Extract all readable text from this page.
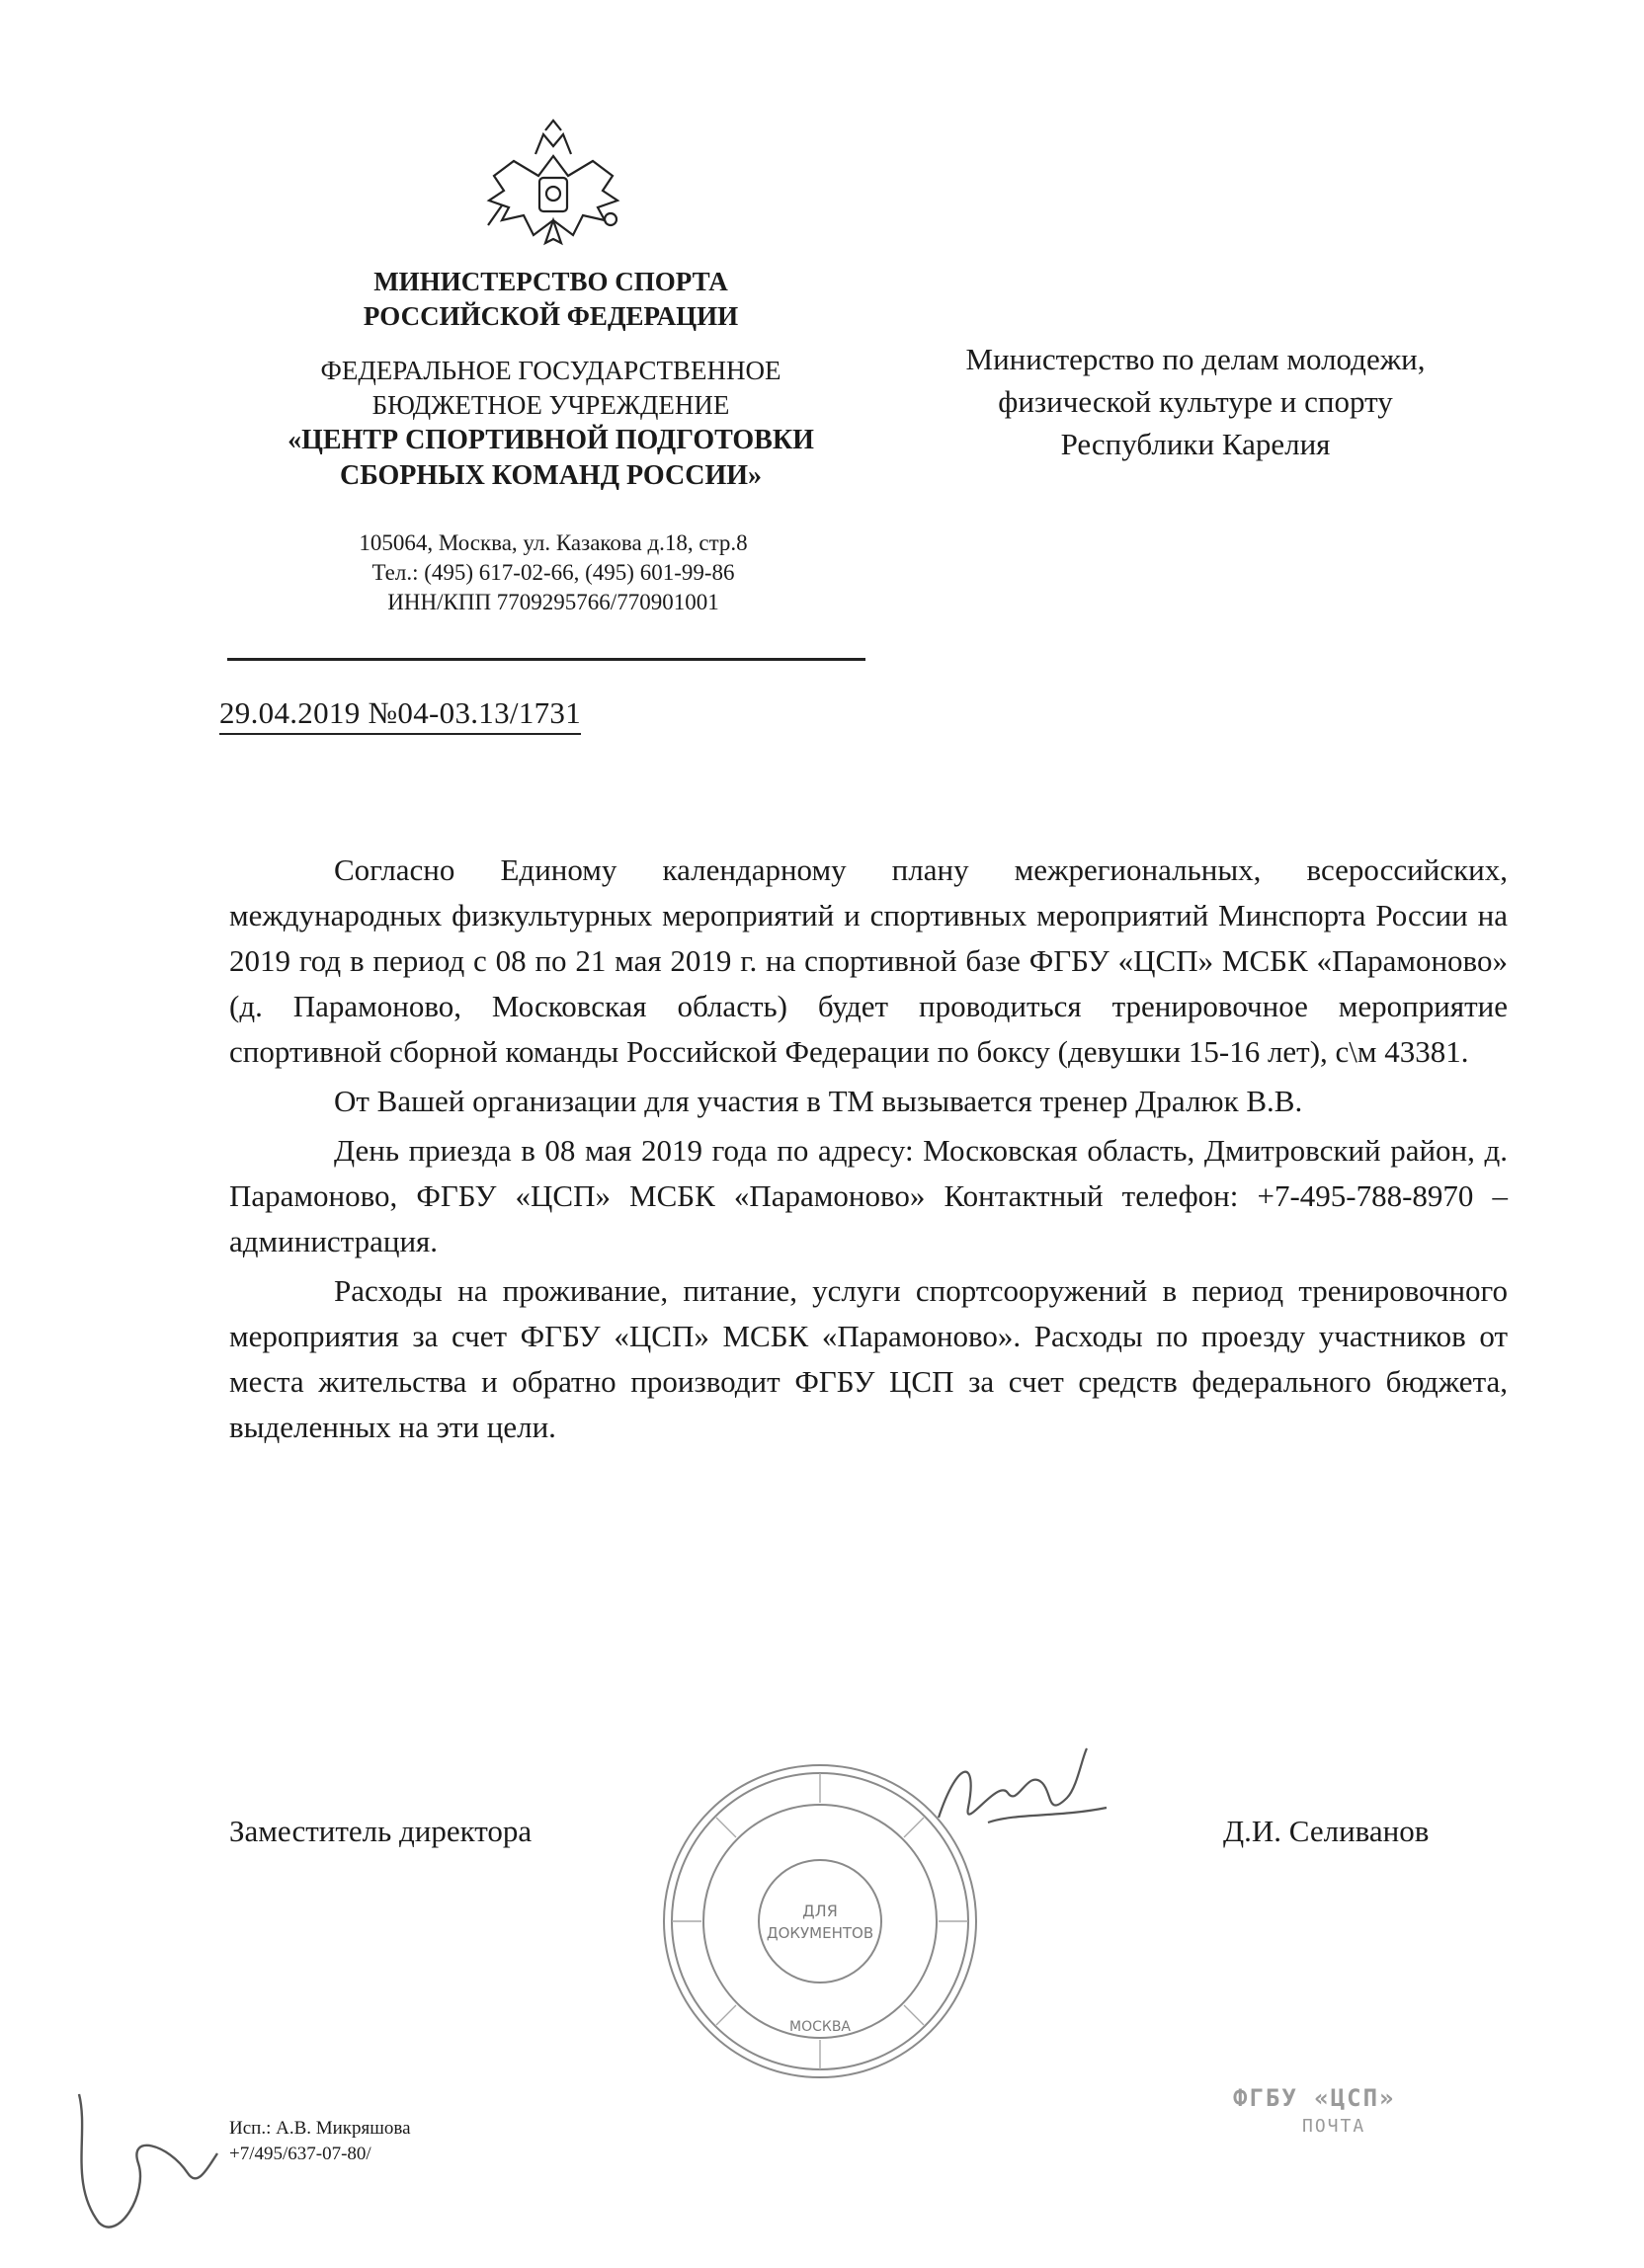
МИНИСТЕРСТВО СПОРТА
РОССИЙСКОЙ ФЕДЕРАЦИИ
ФЕДЕРАЛЬНОЕ ГОСУДАРСТВЕННОЕ
БЮДЖЕТНОЕ УЧРЕЖДЕНИЕ
«ЦЕНТР СПОРТИВНОЙ ПОДГОТОВКИ
СБОРНЫХ КОМАНД РОССИИ»
105064, Москва, ул. Казакова д.18, стр.8
Тел.: (495) 617-02-66, (495) 601-99-86
ИНН/КПП 7709295766/770901001
29.04.2019 №04-03.13/1731
Министерство по делам молодежи,
физической культуре и спорту
Республики Карелия

Согласно Единому календарному плану межрегиональных, всероссийских, международных физкультурных мероприятий и спортивных мероприятий Минспорта России на 2019 год в период с 08 по 21 мая 2019 г. на спортивной базе ФГБУ «ЦСП» МСБК «Парамоново» (д. Парамоново, Московская область) будет проводиться тренировочное мероприятие спортивной сборной команды Российской Федерации по боксу (девушки 15-16 лет), с\м 43381.

От Вашей организации для участия в ТМ вызывается тренер Дралюк В.В.

День приезда в 08 мая 2019 года по адресу: Московская область, Дмитровский район, д. Парамоново, ФГБУ «ЦСП» МСБК «Парамоново» Контактный телефон: +7-495-788-8970 – администрация.

Расходы на проживание, питание, услуги спортсооружений в период тренировочного мероприятия за счет ФГБУ «ЦСП» МСБК «Парамоново». Расходы по проезду участников от места жительства и обратно производит ФГБУ ЦСП за счет средств федерального бюджета, выделенных на эти цели.

Заместитель директора	Д.И. Селиванов
ДЛЯ
ДОКУМЕНТОВ
МОСКВА
Исп.: А.В. Микряшова
+7/495/637-07-80/
ФГБУ «ЦСП»
ПОЧТА
